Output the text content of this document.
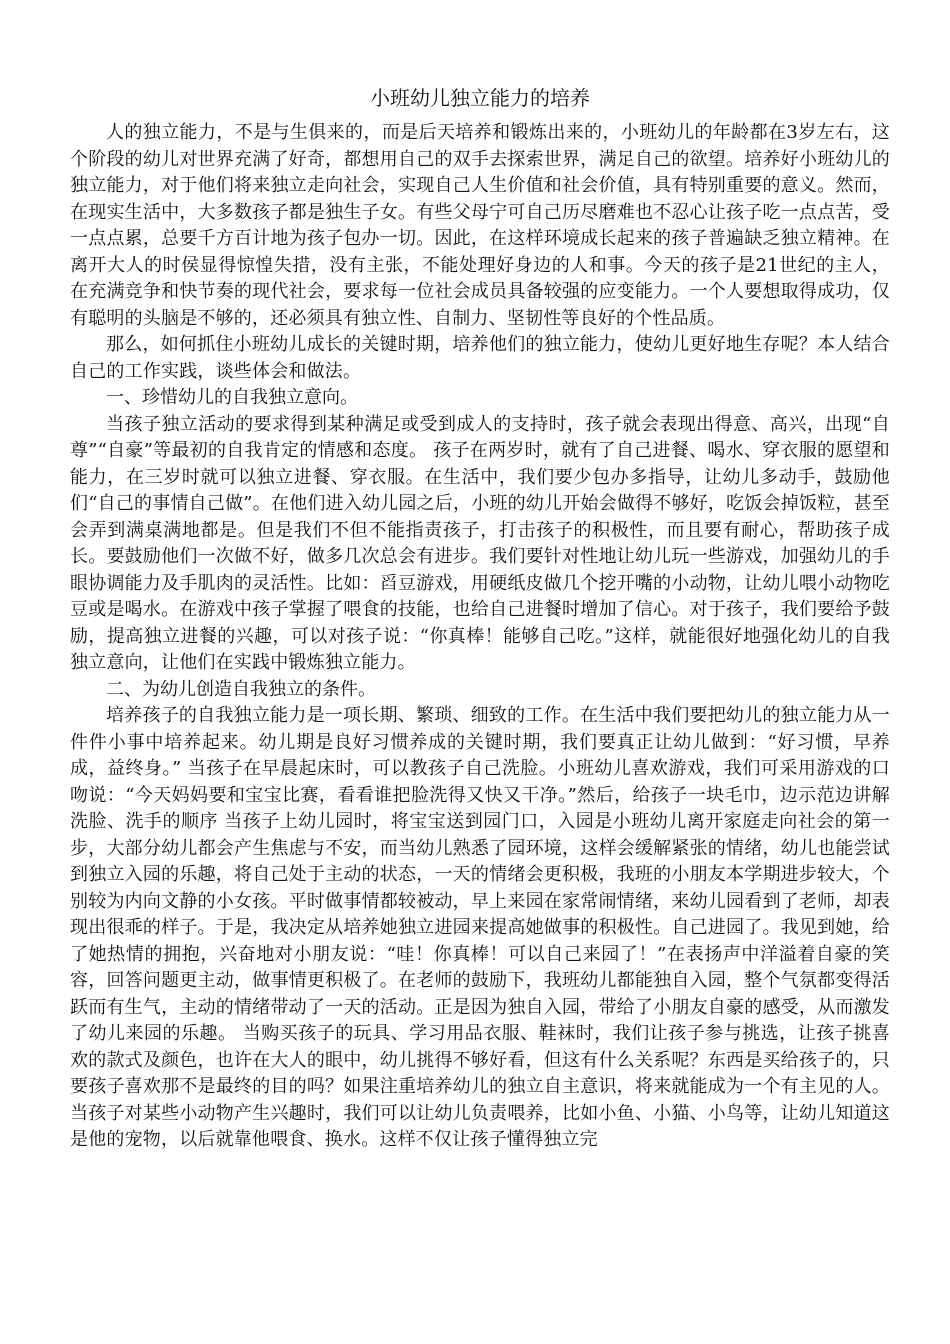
小班幼儿独立能力的培养

人的独立能力，不是与生俱来的，而是后天培养和锻炼出来的，小班幼儿的年龄都在3岁左右，这个阶段的幼儿对世界充满了好奇，都想用自己的双手去探索世界，满足自己的欲望。培养好小班幼儿的独立能力，对于他们将来独立走向社会，实现自己人生价值和社会价值，具有特别重要的意义。然而，在现实生活中，大多数孩子都是独生子女。有些父母宁可自己历尽磨难也不忍心让孩子吃一点点苦，受一点点累，总要千方百计地为孩子包办一切。因此，在这样环境成长起来的孩子普遍缺乏独立精神。在离开大人的时侯显得惊惶失措，没有主张，不能处理好身边的人和事。今天的孩子是21世纪的主人，在充满竞争和快节奏的现代社会，要求每一位社会成员具备较强的应变能力。一个人要想取得成功，仅有聪明的头脑是不够的，还必须具有独立性、自制力、坚韧性等良好的个性品质。

那么，如何抓住小班幼儿成长的关键时期，培养他们的独立能力，使幼儿更好地生存呢？本人结合自己的工作实践，谈些体会和做法。

一、珍惜幼儿的自我独立意向。

当孩子独立活动的要求得到某种满足或受到成人的支持时，孩子就会表现出得意、高兴，出现“自尊”“自豪”等最初的自我肯定的情感和态度。 孩子在两岁时，就有了自己进餐、喝水、穿衣服的愿望和能力，在三岁时就可以独立进餐、穿衣服。在生活中，我们要少包办多指导，让幼儿多动手，鼓励他们“自己的事情自己做”。在他们进入幼儿园之后，小班的幼儿开始会做得不够好，吃饭会掉饭粒，甚至会弄到满桌满地都是。但是我们不但不能指责孩子，打击孩子的积极性，而且要有耐心，帮助孩子成长。要鼓励他们一次做不好，做多几次总会有进步。我们要针对性地让幼儿玩一些游戏，加强幼儿的手眼协调能力及手肌肉的灵活性。比如：舀豆游戏，用硬纸皮做几个挖开嘴的小动物，让幼儿喂小动物吃豆或是喝水。在游戏中孩子掌握了喂食的技能，也给自己进餐时增加了信心。对于孩子，我们要给予鼓励，提高独立进餐的兴趣，可以对孩子说：“你真棒！能够自己吃。”这样，就能很好地强化幼儿的自我独立意向，让他们在实践中锻炼独立能力。

二、为幼儿创造自我独立的条件。

培养孩子的自我独立能力是一项长期、繁琐、细致的工作。在生活中我们要把幼儿的独立能力从一件件小事中培养起来。幼儿期是良好习惯养成的关键时期，我们要真正让幼儿做到：“好习惯，早养成，益终身。” 当孩子在早晨起床时，可以教孩子自己洗脸。小班幼儿喜欢游戏，我们可采用游戏的口吻说：“今天妈妈要和宝宝比赛，看看谁把脸洗得又快又干净。”然后，给孩子一块毛巾，边示范边讲解洗脸、洗手的顺序 当孩子上幼儿园时，将宝宝送到园门口，入园是小班幼儿离开家庭走向社会的第一步，大部分幼儿都会产生焦虑与不安，而当幼儿熟悉了园环境，这样会缓解紧张的情绪，幼儿也能尝试到独立入园的乐趣，将自己处于主动的状态，一天的情绪会更积极，我班的小朋友本学期进步较大，个别较为内向文静的小女孩。平时做事情都较被动，早上来园在家常闹情绪，来幼儿园看到了老师，却表现出很乖的样子。于是，我决定从培养她独立进园来提高她做事的积极性。自己进园了。我见到她，给了她热情的拥抱，兴奋地对小朋友说：“哇！你真棒！可以自己来园了！”在表扬声中洋溢着自豪的笑容，回答问题更主动，做事情更积极了。在老师的鼓励下，我班幼儿都能独自入园，整个气氛都变得活跃而有生气，主动的情绪带动了一天的活动。正是因为独自入园，带给了小朋友自豪的感受，从而激发了幼儿来园的乐趣。 当购买孩子的玩具、学习用品衣服、鞋袜时，我们让孩子参与挑选，让孩子挑喜欢的款式及颜色，也许在大人的眼中，幼儿挑得不够好看，但这有什么关系呢？东西是买给孩子的，只要孩子喜欢那不是最终的目的吗？如果注重培养幼儿的独立自主意识，将来就能成为一个有主见的人。当孩子对某些小动物产生兴趣时，我们可以让幼儿负责喂养，比如小鱼、小猫、小鸟等，让幼儿知道这是他的宠物，以后就靠他喂食、换水。这样不仅让孩子懂得独立完
